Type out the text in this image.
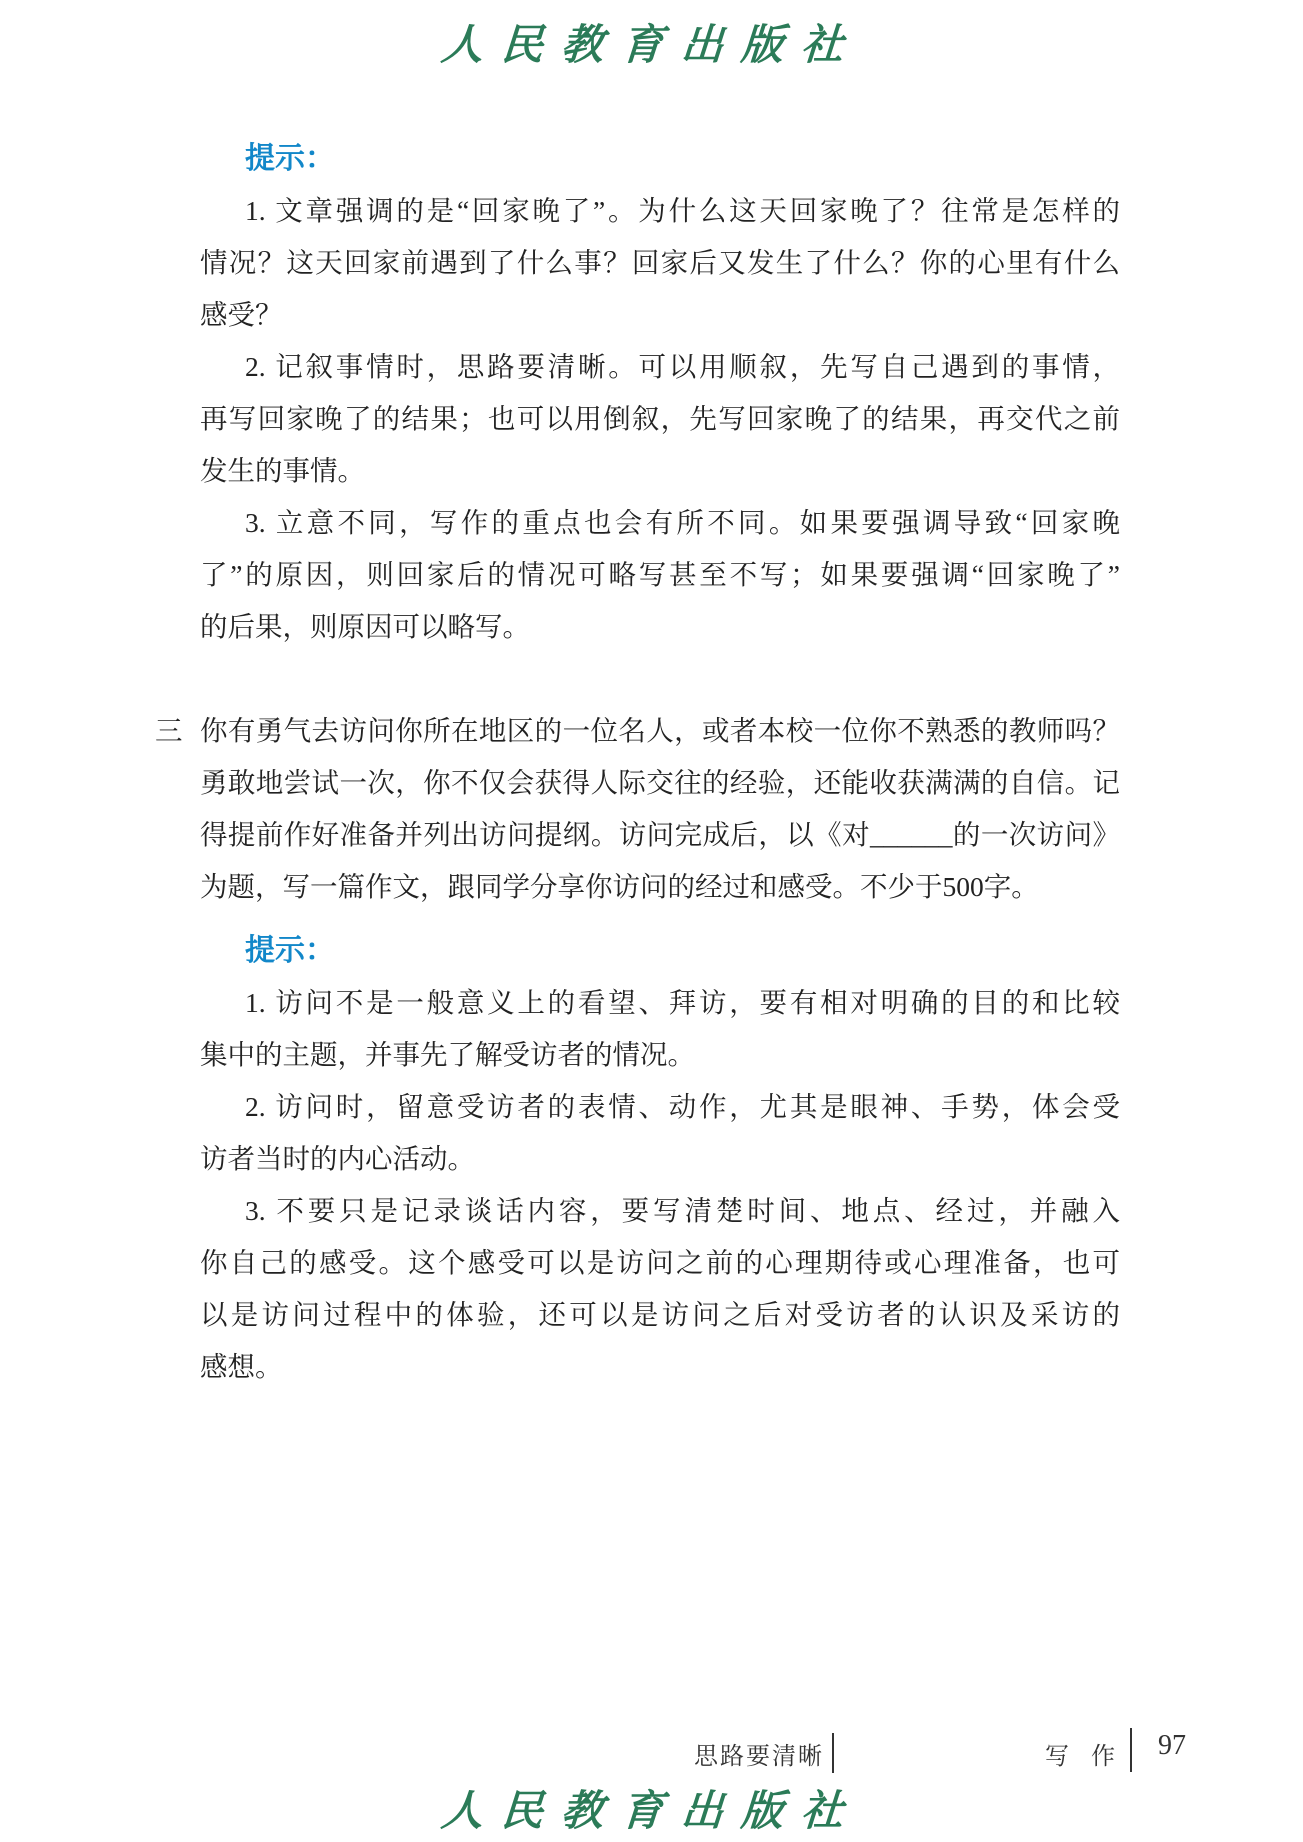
人民教育出版社
提示：
1. 文章强调的是“回家晚了”。为什么这天回家晚了？往常是怎样的
情况？这天回家前遇到了什么事？回家后又发生了什么？你的心里有什么
感受？
2. 记叙事情时，思路要清晰。可以用顺叙，先写自己遇到的事情，
再写回家晚了的结果；也可以用倒叙，先写回家晚了的结果，再交代之前
发生的事情。
3. 立意不同，写作的重点也会有所不同。如果要强调导致“回家晚
了”的原因，则回家后的情况可略写甚至不写；如果要强调“回家晚了”
的后果，则原因可以略写。
三 你有勇气去访问你所在地区的一位名人，或者本校一位你不熟悉的教师吗？
勇敢地尝试一次，你不仅会获得人际交往的经验，还能收获满满的自信。记
得提前作好准备并列出访问提纲。访问完成后，以《对______的一次访问》
为题，写一篇作文，跟同学分享你访问的经过和感受。不少于500字。
提示：
1. 访问不是一般意义上的看望、拜访，要有相对明确的目的和比较
集中的主题，并事先了解受访者的情况。
2. 访问时，留意受访者的表情、动作，尤其是眼神、手势，体会受
访者当时的内心活动。
3. 不要只是记录谈话内容，要写清楚时间、地点、经过，并融入
你自己的感受。这个感受可以是访问之前的心理期待或心理准备，也可
以是访问过程中的体验，还可以是访问之后对受访者的认识及采访的
感想。
思路要清晰	写 作 97
人民教育出版社
